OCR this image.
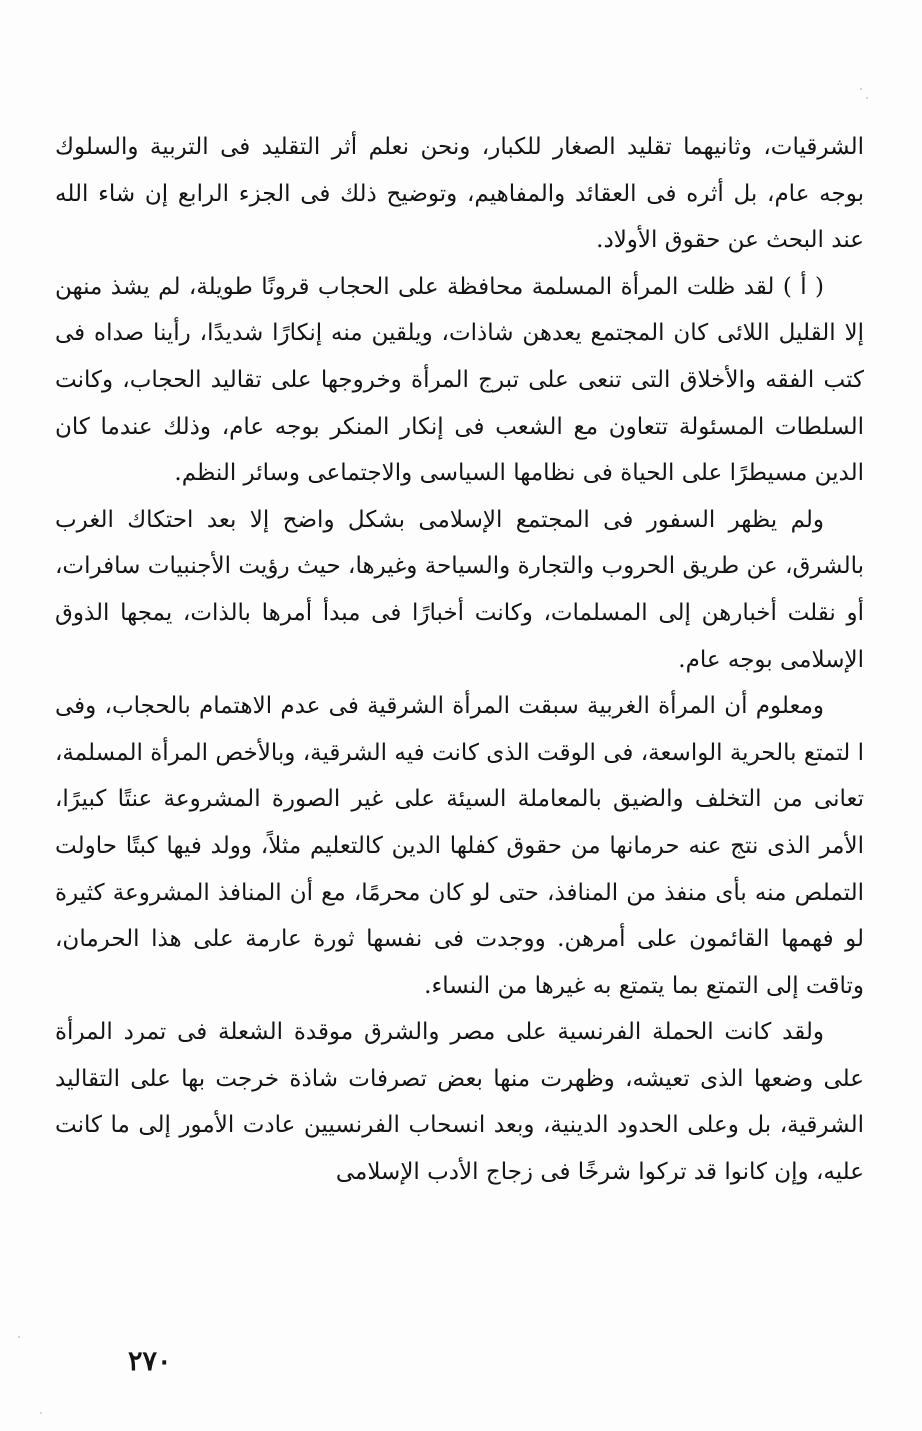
الشرقيات، وثانيهما تقليد الصغار للكبار، ونحن نعلم أثر التقليد فى التربية والسلوك بوجه عام، بل أثره فى العقائد والمفاهيم، وتوضيح ذلك فى الجزء الرابع إن شاء الله عند البحث عن حقوق الأولاد.

( أ ) لقد ظلت المرأة المسلمة محافظة على الحجاب قرونًا طويلة، لم يشذ منهن إلا القليل اللائى كان المجتمع يعدهن شاذات، ويلقين منه إنكارًا شديدًا، رأينا صداه فى كتب الفقه والأخلاق التى تنعى على تبرج المرأة وخروجها على تقاليد الحجاب، وكانت السلطات المسئولة تتعاون مع الشعب فى إنكار المنكر بوجه عام، وذلك عندما كان الدين مسيطرًا على الحياة فى نظامها السياسى والاجتماعى وسائر النظم.

ولم يظهر السفور فى المجتمع الإسلامى بشكل واضح إلا بعد احتكاك الغرب بالشرق، عن طريق الحروب والتجارة والسياحة وغيرها، حيث رؤيت الأجنبيات سافرات، أو نقلت أخبارهن إلى المسلمات، وكانت أخبارًا فى مبدأ أمرها بالذات، يمجها الذوق الإسلامى بوجه عام.

ومعلوم أن المرأة الغربية سبقت المرأة الشرقية فى عدم الاهتمام بالحجاب، وفى ا لتمتع بالحرية الواسعة، فى الوقت الذى كانت فيه الشرقية، وبالأخص المرأة المسلمة، تعانى من التخلف والضيق بالمعاملة السيئة على غير الصورة المشروعة عنتًا كبيرًا، الأمر الذى نتج عنه حرمانها من حقوق كفلها الدين كالتعليم مثلاً، وولد فيها كبتًا حاولت التملص منه بأى منفذ من المنافذ، حتى لو كان محرمًا، مع أن المنافذ المشروعة كثيرة لو فهمها القائمون على أمرهن. ووجدت فى نفسها ثورة عارمة على هذا الحرمان، وتاقت إلى التمتع بما يتمتع به غيرها من النساء.

ولقد كانت الحملة الفرنسية على مصر والشرق موقدة الشعلة فى تمرد المرأة على وضعها الذى تعيشه، وظهرت منها بعض تصرفات شاذة خرجت بها على التقاليد الشرقية، بل وعلى الحدود الدينية، وبعد انسحاب الفرنسيين عادت الأمور إلى ما كانت عليه، وإن كانوا قد تركوا شرخًا فى زجاج الأدب الإسلامى

٢٧٠
